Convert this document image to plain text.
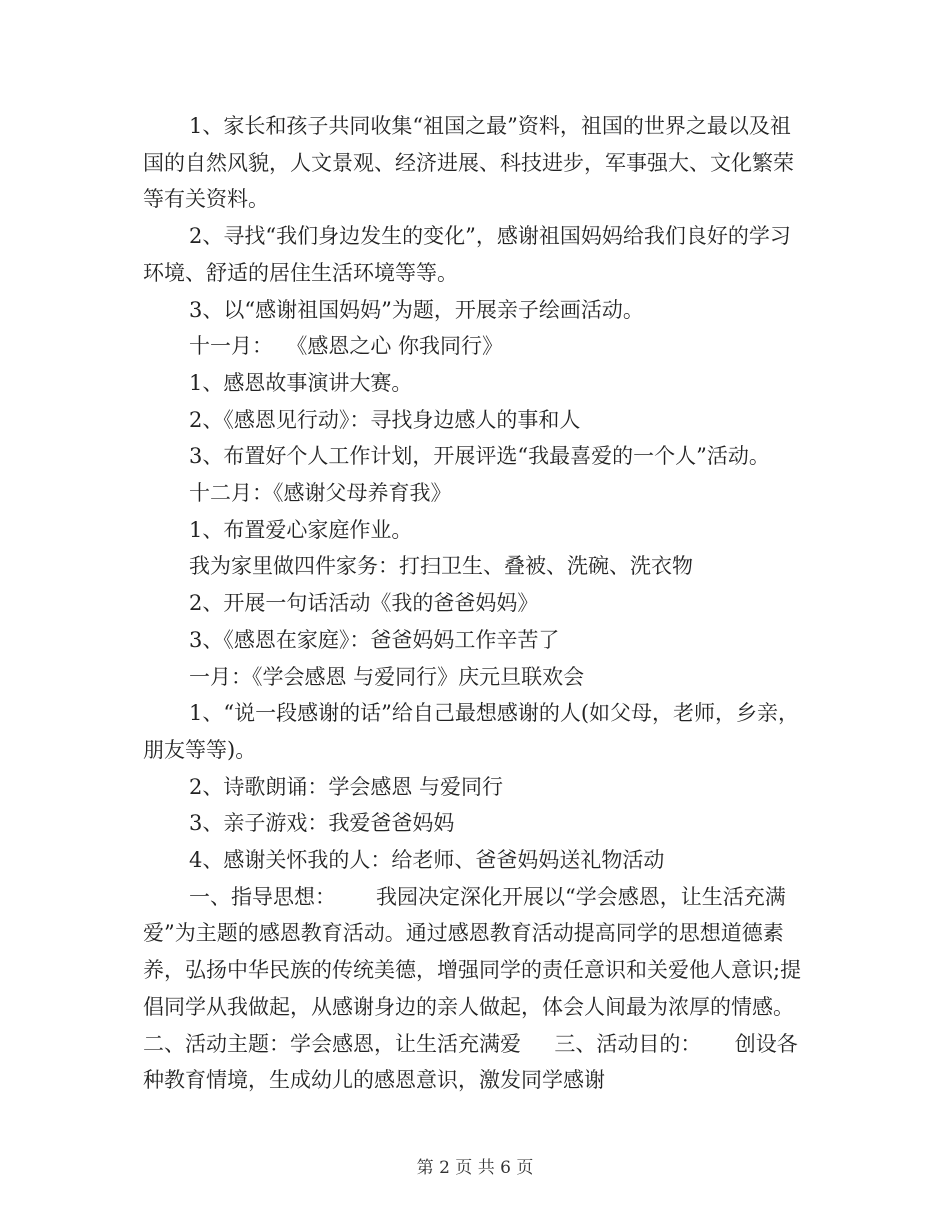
1、家长和孩子共同收集“祖国之最”资料，祖国的世界之最以及祖国的自然风貌，人文景观、经济进展、科技进步，军事强大、文化繁荣等有关资料。

2、寻找“我们身边发生的变化”，感谢祖国妈妈给我们良好的学习环境、舒适的居住生活环境等等。

3、以“感谢祖国妈妈”为题，开展亲子绘画活动。

十一月：  《感恩之心 你我同行》

1、感恩故事演讲大赛。

2、《感恩见行动》：寻找身边感人的事和人

3、布置好个人工作计划，开展评选“我最喜爱的一个人”活动。

十二月：《感谢父母养育我》

1、布置爱心家庭作业。

我为家里做四件家务：打扫卫生、叠被、洗碗、洗衣物

2、开展一句话活动《我的爸爸妈妈》

3、《感恩在家庭》：爸爸妈妈工作辛苦了

一月：《学会感恩 与爱同行》庆元旦联欢会

1、“说一段感谢的话”给自己最想感谢的人(如父母，老师，乡亲，朋友等等)。

2、诗歌朗诵：学会感恩 与爱同行

3、亲子游戏：我爱爸爸妈妈

4、感谢关怀我的人：给老师、爸爸妈妈送礼物活动

一、指导思想：      我园决定深化开展以“学会感恩，让生活充满爱”为主题的感恩教育活动。通过感恩教育活动提高同学的思想道德素养，弘扬中华民族的传统美德，增强同学的责任意识和关爱他人意识;提倡同学从我做起，从感谢身边的亲人做起，体会人间最为浓厚的情感。     二、活动主题：学会感恩，让生活充满爱     三、活动目的：     创设各种教育情境，生成幼儿的感恩意识，激发同学感谢

第 2 页 共 6 页
